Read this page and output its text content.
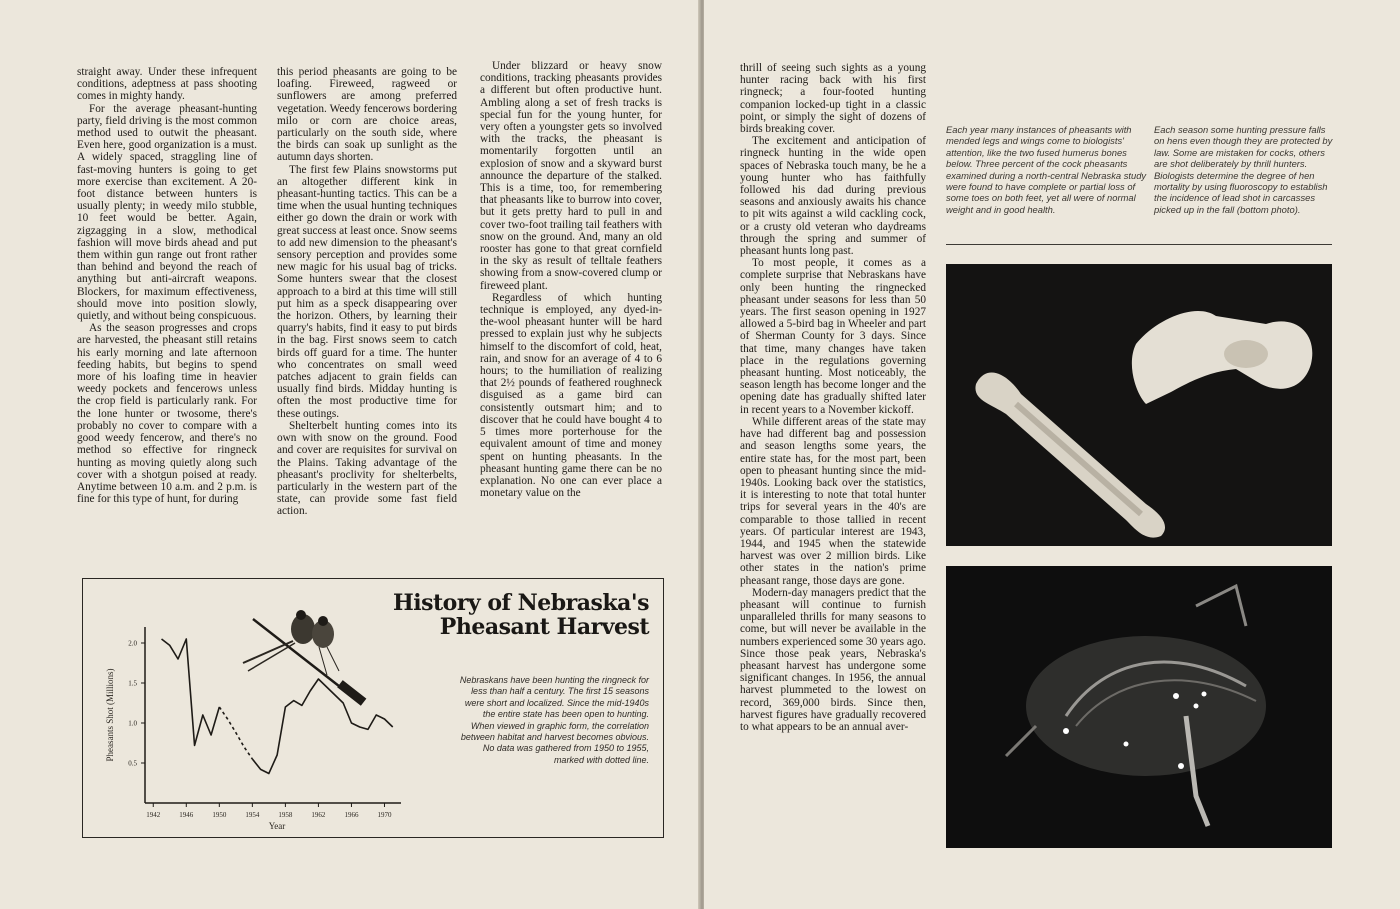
straight away. Under these infrequent conditions, adeptness at pass shooting comes in mighty handy.

For the average pheasant-hunting party, field driving is the most common method used to outwit the pheasant. Even here, good organization is a must. A widely spaced, straggling line of fast-moving hunters is going to get more exercise than excitement. A 20-foot distance between hunters is usually plenty; in weedy milo stubble, 10 feet would be better. Again, zigzagging in a slow, methodical fashion will move birds ahead and put them within gun range out front rather than behind and beyond the reach of anything but anti-aircraft weapons. Blockers, for maximum effectiveness, should move into position slowly, quietly, and without being conspicuous.

As the season progresses and crops are harvested, the pheasant still retains his early morning and late afternoon feeding habits, but begins to spend more of his loafing time in heavier weedy pockets and fencerows unless the crop field is particularly rank. For the lone hunter or twosome, there's probably no cover to compare with a good weedy fencerow, and there's no method so effective for ringneck hunting as moving quietly along such cover with a shotgun poised at ready. Anytime between 10 a.m. and 2 p.m. is fine for this type of hunt, for during

this period pheasants are going to be loafing. Fireweed, ragweed or sunflowers are among preferred vegetation. Weedy fencerows bordering milo or corn are choice areas, particularly on the south side, where the birds can soak up sunlight as the autumn days shorten.

The first few Plains snowstorms put an altogether different kink in pheasant-hunting tactics. This can be a time when the usual hunting techniques either go down the drain or work with great success at least once. Snow seems to add new dimension to the pheasant's sensory perception and provides some new magic for his usual bag of tricks. Some hunters swear that the closest approach to a bird at this time will still put him as a speck disappearing over the horizon. Others, by learning their quarry's habits, find it easy to put birds in the bag. First snows seem to catch birds off guard for a time. The hunter who concentrates on small weed patches adjacent to grain fields can usually find birds. Midday hunting is often the most productive time for these outings.

Shelterbelt hunting comes into its own with snow on the ground. Food and cover are requisites for survival on the Plains. Taking advantage of the pheasant's proclivity for shelterbelts, particularly in the western part of the state, can provide some fast field action.

Under blizzard or heavy snow conditions, tracking pheasants provides a different but often productive hunt. Ambling along a set of fresh tracks is special fun for the young hunter, for very often a youngster gets so involved with the tracks, the pheasant is momentarily forgotten until an explosion of snow and a skyward burst announce the departure of the stalked. This is a time, too, for remembering that pheasants like to burrow into cover, but it gets pretty hard to pull in and cover two-foot trailing tail feathers with snow on the ground. And, many an old rooster has gone to that great cornfield in the sky as result of telltale feathers showing from a snow-covered clump or fireweed plant.

Regardless of which hunting technique is employed, any dyed-in-the-wool pheasant hunter will be hard pressed to explain just why he subjects himself to the discomfort of cold, heat, rain, and snow for an average of 4 to 6 hours; to the humiliation of realizing that 2½ pounds of feathered roughneck disguised as a game bird can consistently outsmart him; and to discover that he could have bought 4 to 5 times more porterhouse for the equivalent amount of time and money spent on hunting pheasants. In the pheasant hunting game there can be no explanation. No one can ever place a monetary value on the

History of Nebraska's
Pheasant Harvest
Nebraskans have been hunting the ringneck for less than half a century. The first 15 seasons were short and localized. Since the mid-1940s the entire state has been open to hunting. When viewed in graphic form, the correlation between habitat and harvest becomes obvious. No data was gathered from 1950 to 1955, marked with dotted line.
1942	1946	1950	1954	1958	1962	1966	1970
0.5
1.0
1.5
2.0
Year
Pheasants Shot (Millions)

thrill of seeing such sights as a young hunter racing back with his first ringneck; a four-footed hunting companion locked-up tight in a classic point, or simply the sight of dozens of birds breaking cover.

The excitement and anticipation of ringneck hunting in the wide open spaces of Nebraska touch many, be he a young hunter who has faithfully followed his dad during previous seasons and anxiously awaits his chance to pit wits against a wild cackling cock, or a crusty old veteran who daydreams through the spring and summer of pheasant hunts long past.

To most people, it comes as a complete surprise that Nebraskans have only been hunting the ringnecked pheasant under seasons for less than 50 years. The first season opening in 1927 allowed a 5-bird bag in Wheeler and part of Sherman County for 3 days. Since that time, many changes have taken place in the regulations governing pheasant hunting. Most noticeably, the season length has become longer and the opening date has gradually shifted later in recent years to a November kickoff.

While different areas of the state may have had different bag and possession and season lengths some years, the entire state has, for the most part, been open to pheasant hunting since the mid-1940s. Looking back over the statistics, it is interesting to note that total hunter trips for several years in the 40's are comparable to those tallied in recent years. Of particular interest are 1943, 1944, and 1945 when the statewide harvest was over 2 million birds. Like other states in the nation's prime pheasant range, those days are gone.

Modern-day managers predict that the pheasant will continue to furnish unparalleled thrills for many seasons to come, but will never be available in the numbers experienced some 30 years ago. Since those peak years, Nebraska's pheasant harvest has undergone some significant changes. In 1956, the annual harvest plummeted to the lowest on record, 369,000 birds. Since then, harvest figures have gradually recovered to what appears to be an annual aver-

Each year many instances of pheasants with mended legs and wings come to biologists' attention, like the two fused humerus bones below. Three percent of the cock pheasants examined during a north-central Nebraska study were found to have complete or partial loss of some toes on both feet, yet all were of normal weight and in good health.
Each season some hunting pressure falls on hens even though they are protected by law. Some are mistaken for cocks, others are shot deliberately by thrill hunters. Biologists determine the degree of hen mortality by using fluoroscopy to establish the incidence of lead shot in carcasses picked up in the fall (bottom photo).
